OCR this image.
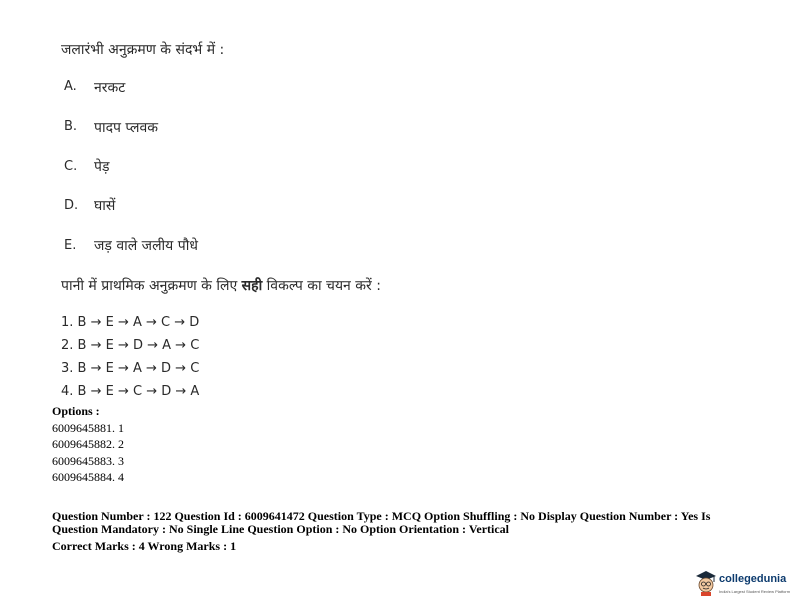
जलारंभी अनुक्रमण के संदर्भ में :
A. नरकट
B. पादप प्लवक
C. पेड़
D. घासें
E. जड़ वाले जलीय पौधे
पानी में प्राथमिक अनुक्रमण के लिए सही विकल्प का चयन करें :
1. B → E → A → C → D
2. B → E → D → A → C
3. B → E → A → D → C
4. B → E → C → D → A
Options :
6009645881. 1
6009645882. 2
6009645883. 3
6009645884. 4
Question Number : 122 Question Id : 6009641472 Question Type : MCQ Option Shuffling : No Display Question Number : Yes Is
Question Mandatory : No Single Line Question Option : No Option Orientation : Vertical
Correct Marks : 4 Wrong Marks : 1
collegedunia
India's Largest Student Review Platform
